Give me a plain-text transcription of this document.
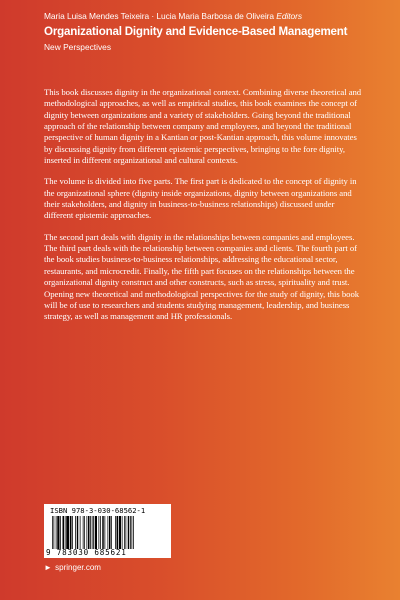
Maria Luisa Mendes Teixeira · Lucia Maria Barbosa de Oliveira Editors
Organizational Dignity and Evidence-Based Management
New Perspectives

This book discusses dignity in the organizational context. Combining diverse theoretical and methodological approaches, as well as empirical studies, this book examines the concept of dignity between organizations and a variety of stakeholders. Going beyond the traditional approach of the relationship between company and employees, and beyond the traditional perspective of human dignity in a Kantian or post-Kantian approach, this volume innovates by discussing dignity from different epistemic perspectives, bringing to the fore dignity, inserted in different organizational and cultural contexts.

The volume is divided into five parts. The first part is dedicated to the concept of dignity in the organizational sphere (dignity inside organizations, dignity between organizations and their stakeholders, and dignity in business-to-business relationships) discussed under different epistemic approaches.

The second part deals with dignity in the relationships between companies and employees. The third part deals with the relationship between companies and clients. The fourth part of the book studies business-to-business relationships, addressing the educational sector, restaurants, and microcredit. Finally, the fifth part focuses on the relationships between the organizational dignity construct and other constructs, such as stress, spirituality and trust. Opening new theoretical and methodological perspectives for the study of dignity, this book will be of use to researchers and students studying management, leadership, and business strategy, as well as management and HR professionals.

ISBN 978-3-030-68562-1
9 783030 685621
► springer.com
